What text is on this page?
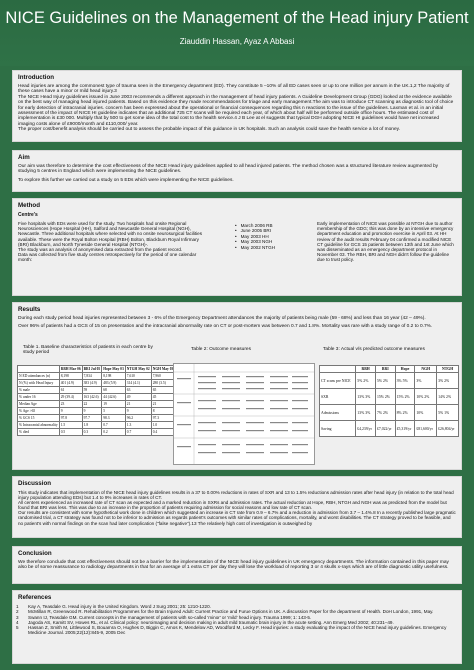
NICE Guidelines on the Management of the Head injury Patient
Ziauddin Hassan, Ayaz A Abbasi
Introduction
Head injuries are among the commonest type of trauma seen in the Emergency department (ED). They constitute 5 –10% of all ED cases seen or up to one million per annum in the UK.1,2 The majority of these cases have a minor or mild head injury.3
The NICE Head Injury guidelines issued in June 2003 recommends a different approach in the management of head injury patients. A Guideline Development Group (GDG) looked at the evidence available on the best way of managing head injured patients. Based on this evidence they made recommendations for triage and early management.The aim was to introduce CT scanning as diagnostic tool of choice for early detection of intracranial injuries. concern has been expressed about the operational or financial consequences regarding this n reactions to the issue of the guidelines. Laxman et al. in an initial assessment of the impact of NICE HI guideline indicates that an additional 725 CT scans will be required each year, of which about half will be performed outside office hours. The estimated cost of implementation is £30 000. Multiply that by 500 to get some idea of the total cost to the health service.4 J B Lee at el suggests that typical DGH adopting NICE HI guidelines would have net increased imaging costs alone of £9000/month and £110,000/ year.
The proper cost/benefit analysis should be carried out to assess the probable impact of this guidance in UK hospitals. Such an analysis could save the health service a lot of money.
Aim
Our aim was therefore to determine the cost effectiveness of the NICE Head injury guidelines applied to all head injured patients. The method chosen was a structured literature review augmented by studying 5 centres in England which were implementing the NICE guidelines.
To explore this further we carried out a study on 5 EDs which were implementing the NICE guidelines.
Method
Centre's
Five hospitals with EDs were used for the study. Two hospitals had onsite Regional Neurosciences (Hope Hospital (HH), Salford and Newcastle General Hospital (NGH), Newcastle. Three additional hospitals where selected with no onsite neurosurgical facilities available. These were the Royal Bolton Hospital (RBH) Bolton, Blackburn Royal Infirmary (BRI) Blackburn, and North Tyneside General Hospital (NTGH)-.
The study was an analysis of anonymised data extracted from the patient record.
Data was collected from five study centres retrospectively for the period of one calendar month:
• March 2006 RB
• June 2005 BRI
• May 2003 HH
• May 2003 NGH
• May 2002 NTGH
Early implementation of NICE was possible at NTGH due to author membership of the GDG; this was done by an intensive emergency department education and promotion exercise in April 03. At HH review of the audit results February 04 confirmed a modified NICE CT guideline for GCS 15 patients between 13th and 1st June which was disseminated as an emergency department protocol in November 03. The RBH, BRI and NGH didn't follow the guideline due to trust policy.
Results
During each study period head injuries represented between 3 - 6% of the Emergency Department attendances the majority of patients being male (59 - 68%) and less than 16 year (42 – 49%).
Over 96% of patients had a GCS of 15 on presentation and the intracranial abnormality rate on CT or post-mortem was between 0.7 and 1.8%. Mortality was rare with a study range of 0.2 to 0.7%.
Table 1. Baseline characteristics of patients in each centre by study period
Table 2: Outcome measures	Table 3: Actual v/s predicted outcome measures
	RBH Mar 06	BRI Jul 05	Hope May 03	NTGH May 02	NGH May 03
N ED attendances (n)	8,198	7,834	8,198	7,610	7,960
N (%) with Head Injury	401 (4.9)	383 (4.9)	483 (5.9)	314 (4.1)	280 (3.5)
% male	61	59	68	63	65
% under 16	29 (39.4)	163 (42.6)	44 (42.6)	49	45
Median Age	23	22	19	21	21
% Age >65	9	9	5	9	8
% GCS 15	97.8	97.7	98.3	96.2	97.3
% Intracranial abnormality	1.5	1.8	0.7	1.3	1.0
% died	0.5	0.3	0.2	0.7	0.4
	RBH	BRI	Hope	NGH	NTGH
CT scans pre NICE	5% 2%	5% 2%	3% 5%	3%	3% 2%
SXR	13% 3%	15% 2%	15% 2%	10% 2%	14% 2%
Admissions	13% 3%	7% 2%	8% 2%	10%	5% 1%
Saving	£4,239/yr	£7,022/yr	£5,319/yr	£81,600/yr	£26,804/yr
Discussion
This study indicates that implementation of the NICE head injury guidelines results in a 37 to 0.00% reductions in rates of SXR and 13 to 1.5% reductions admission rates after head injury (in relation to the total head injury population attending EDs) but 1.4 to 9% increases in rates of CT.
All centers experienced an increased rate of CT scan as expected and a marked reduction in SXRs and admission rates. The actual reduction at Hope, RBH, NTGH and NGH was as predicted from the model but found that BRI was less. This was due to an increase in the proportion of patients requiring admission for social reasons and low rate of CT scan.
Our results are consistent with some hypothetical work done in children which suggested an increase in CT rate from 0.9 – 6.7% and a reduction in admission from 3.7 – 1.4%.8 In a recently published large pragmatic randomised trial, a CT strategy was found not to be inferior to admission as regards patient's outcomes with similar rates of complications, mortality, and worst disabilities. The CT strategy proved to be feasible, and no patient's with normal findings on the scan had later complication ("false negative").13 The relatively high cost of investigation is outweighed by
Conclusion
We therefore conclude that cost effectiveness should not be a barrier for the implementation of the NICE head injury guidelines in UK emergency departments. The information contained in this paper may also be of some reassurance to radiology departments in that for an average of 1 extra CT per day they will lose the workload of reporting 3 or 4 skulls x-rays which are of little diagnostic utility usefulness.
References

1 Kay A, Teasdale G. Head injury in the United Kingdom. Word J Surg 2001; 25: 1210-1220.

2 McMillan R, Greenwood R. Rehabilitation Programmes for the Brain Injured Adult: Current Practice and Furue Options in UK. A discussion Paper for the department of Health. DoH London, 1991, May.

3 Swann IJ, Teasdale GM. Current concepts in the management of patients with so-called 'minor' or 'mild' head injury. Trauma 1999; 1: 143-5.

4 Jagoda AS, Kamitt SV, Howes RL, et al. Clinical policy: neuroimaging and decision making in adult mild traumatic brain injury in the acute setting. Ann Emerg Med 2002; 40:231–49.

5 Hassan Z, Smith M, Littlewood S, Bouamra O, Hughes D, Biggin C, Amos K, Mendelow AD, Woodford M, Lecky F. Head injuries: a study evaluating the impact of the NICE head injury guidelines. Emergency Medicine Journal. 2005;22(12):845-9, 2005 Dec
